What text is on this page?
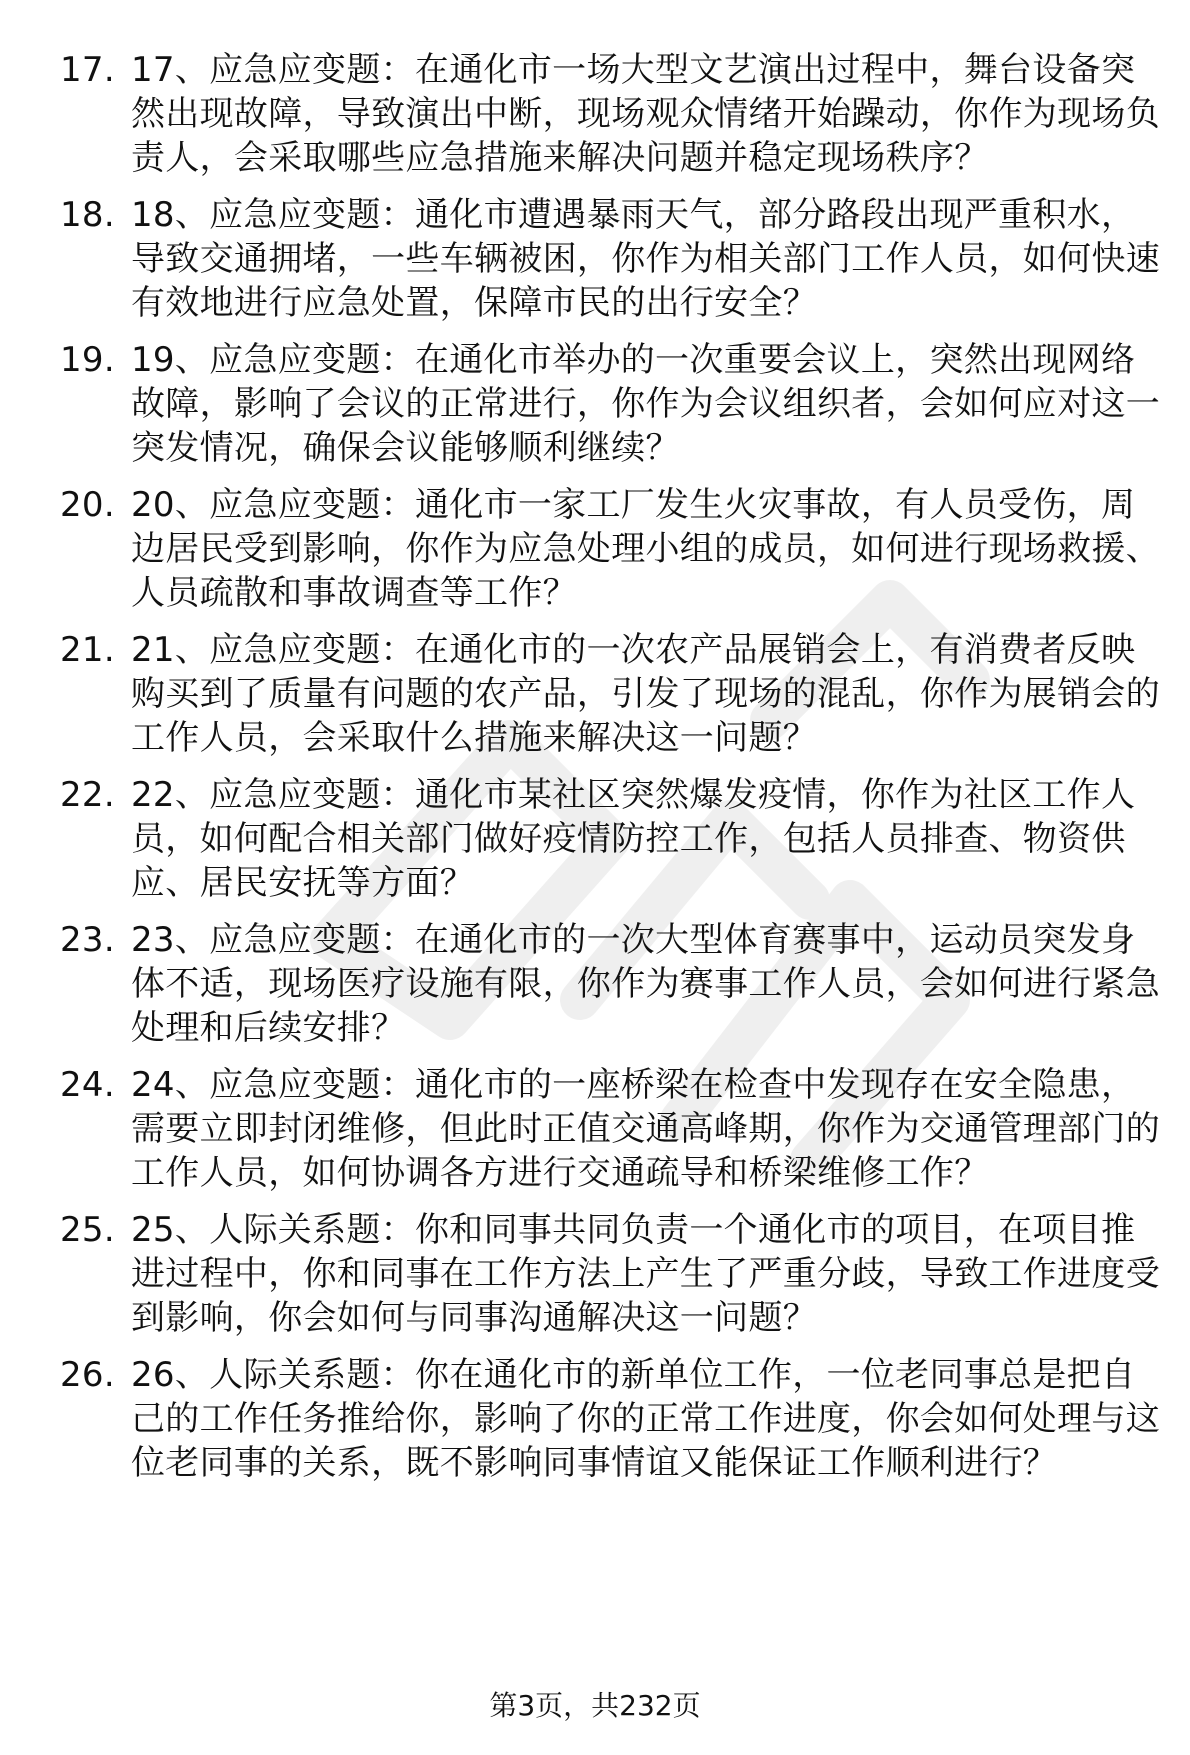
17. 17、应急应变题：在通化市一场大型文艺演出过程中，舞台设备突然出现故障，导致演出中断，现场观众情绪开始躁动，你作为现场负责人，会采取哪些应急措施来解决问题并稳定现场秩序？
18. 18、应急应变题：通化市遭遇暴雨天气，部分路段出现严重积水，导致交通拥堵，一些车辆被困，你作为相关部门工作人员，如何快速有效地进行应急处置，保障市民的出行安全？
19. 19、应急应变题：在通化市举办的一次重要会议上，突然出现网络故障，影响了会议的正常进行，你作为会议组织者，会如何应对这一突发情况，确保会议能够顺利继续？
20. 20、应急应变题：通化市一家工厂发生火灾事故，有人员受伤，周边居民受到影响，你作为应急处理小组的成员，如何进行现场救援、人员疏散和事故调查等工作？
21. 21、应急应变题：在通化市的一次农产品展销会上，有消费者反映购买到了质量有问题的农产品，引发了现场的混乱，你作为展销会的工作人员，会采取什么措施来解决这一问题？
22. 22、应急应变题：通化市某社区突然爆发疫情，你作为社区工作人员，如何配合相关部门做好疫情防控工作，包括人员排查、物资供应、居民安抚等方面？
23. 23、应急应变题：在通化市的一次大型体育赛事中，运动员突发身体不适，现场医疗设施有限，你作为赛事工作人员，会如何进行紧急处理和后续安排？
24. 24、应急应变题：通化市的一座桥梁在检查中发现存在安全隐患，需要立即封闭维修，但此时正值交通高峰期，你作为交通管理部门的工作人员，如何协调各方进行交通疏导和桥梁维修工作？
25. 25、人际关系题：你和同事共同负责一个通化市的项目，在项目推进过程中，你和同事在工作方法上产生了严重分歧，导致工作进度受到影响，你会如何与同事沟通解决这一问题？
26. 26、人际关系题：你在通化市的新单位工作，一位老同事总是把自己的工作任务推给你，影响了你的正常工作进度，你会如何处理与这位老同事的关系，既不影响同事情谊又能保证工作顺利进行？
第3页，共232页
